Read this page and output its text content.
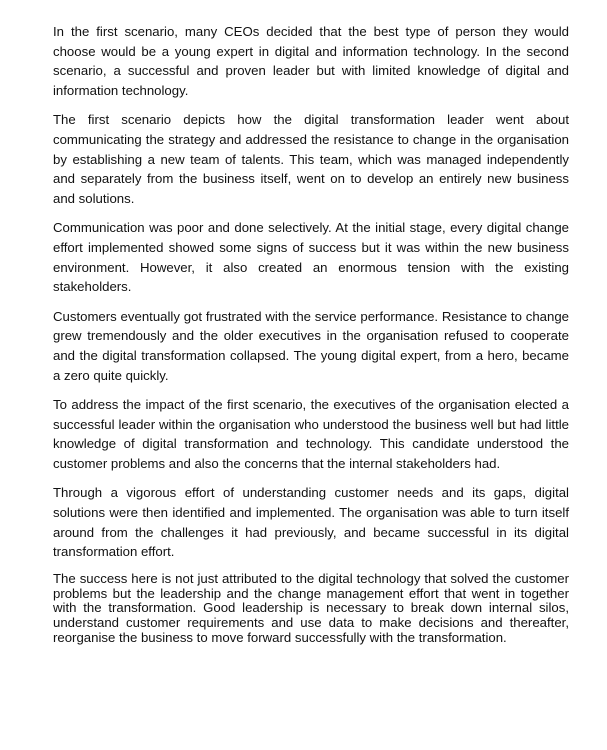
In the first scenario, many CEOs decided that the best type of person they would choose would be a young expert in digital and information technology. In the second scenario, a successful and proven leader but with limited knowledge of digital and information technology.

The first scenario depicts how the digital transformation leader went about communicating the strategy and addressed the resistance to change in the organisation by establishing a new team of talents. This team, which was managed independently and separately from the business itself, went on to develop an entirely new business and solutions.

Communication was poor and done selectively. At the initial stage, every digital change effort implemented showed some signs of success but it was within the new business environment. However, it also created an enormous tension with the existing stakeholders.

Customers eventually got frustrated with the service performance. Resistance to change grew tremendously and the older executives in the organisation refused to cooperate and the digital transformation collapsed. The young digital expert, from a hero, became a zero quite quickly.

To address the impact of the first scenario, the executives of the organisation elected a successful leader within the organisation who understood the business well but had little knowledge of digital transformation and technology. This candidate understood the customer problems and also the concerns that the internal stakeholders had.

Through a vigorous effort of understanding customer needs and its gaps, digital solutions were then identified and implemented. The organisation was able to turn itself around from the challenges it had previously, and became successful in its digital transformation effort.

The success here is not just attributed to the digital technology that solved the customer problems but the leadership and the change management effort that went in together with the transformation. Good leadership is necessary to break down internal silos, understand customer requirements and use data to make decisions and thereafter, reorganise the business to move forward successfully with the transformation.
